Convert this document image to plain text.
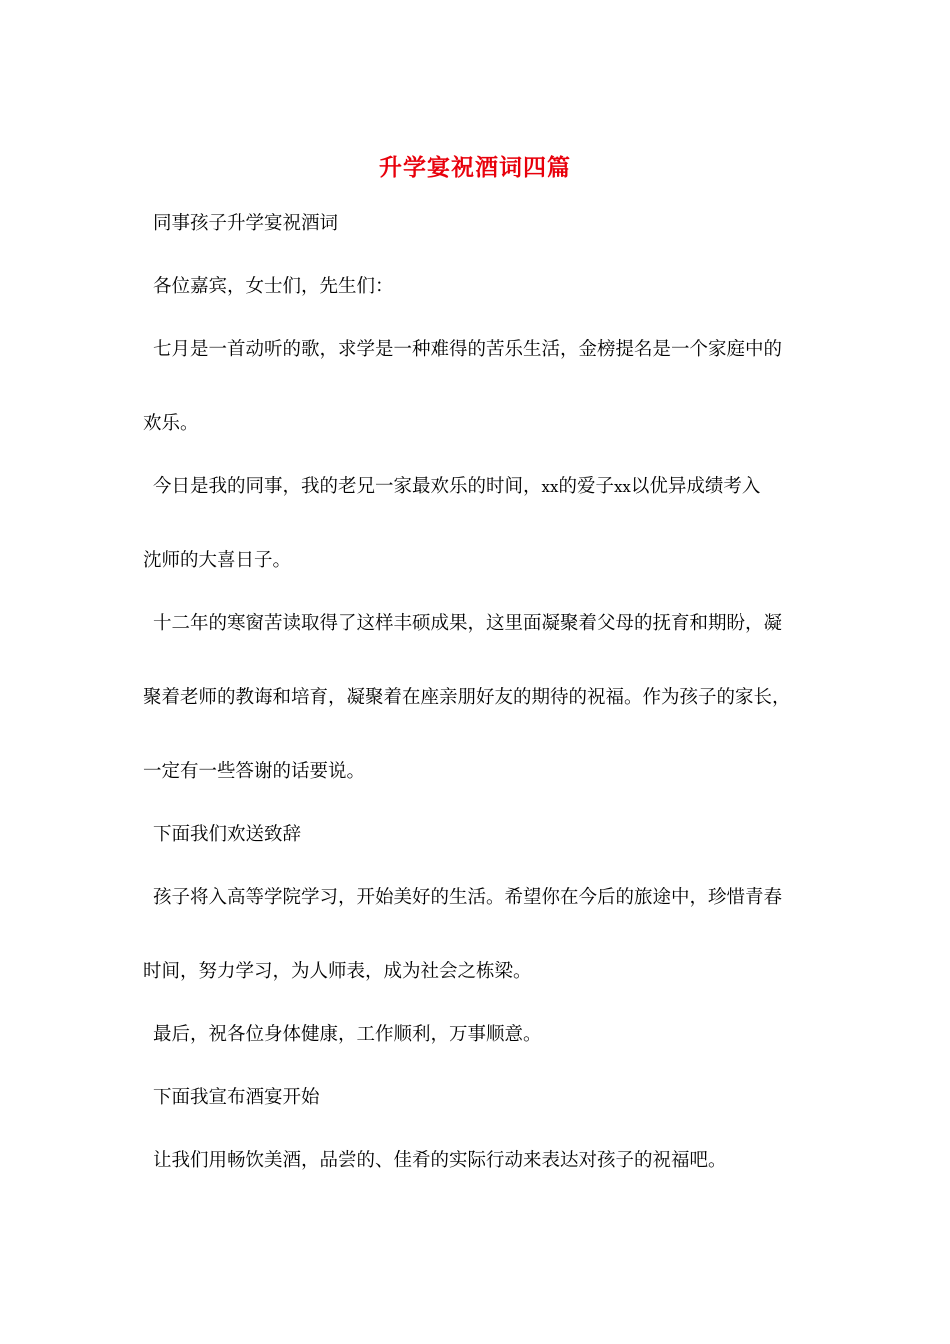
升学宴祝酒词四篇
同事孩子升学宴祝酒词
各位嘉宾，女士们，先生们：
七月是一首动听的歌，求学是一种难得的苦乐生活，金榜提名是一个家庭中的
欢乐。
今日是我的同事，我的老兄一家最欢乐的时间，xx的爱子xx以优异成绩考入
沈师的大喜日子。
十二年的寒窗苦读取得了这样丰硕成果，这里面凝聚着父母的抚育和期盼，凝
聚着老师的教诲和培育，凝聚着在座亲朋好友的期待的祝福。作为孩子的家长，
一定有一些答谢的话要说。
下面我们欢送致辞
孩子将入高等学院学习，开始美好的生活。希望你在今后的旅途中，珍惜青春
时间，努力学习，为人师表，成为社会之栋梁。
最后，祝各位身体健康，工作顺利，万事顺意。
下面我宣布酒宴开始
让我们用畅饮美酒，品尝的、佳肴的实际行动来表达对孩子的祝福吧。
